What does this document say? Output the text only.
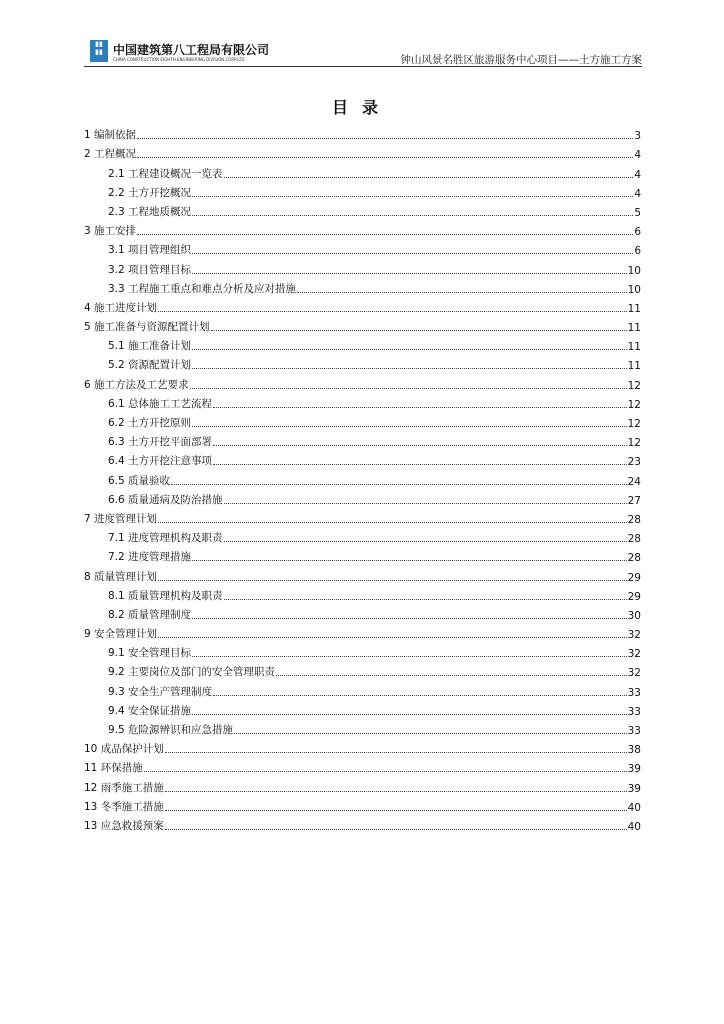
▮▮
▮▮ 中国建筑第八工程局有限公司
CHINA CONSTRUCTION EIGHTH ENGINEERING DIVISION.CORP.LTD	钟山风景名胜区旅游服务中心项目——土方施工方案
目录
1 编制依据	3
2 工程概况	4
2.1 工程建设概况一览表	4
2.2 土方开挖概况	4
2.3 工程地质概况	5
3 施工安排	6
3.1 项目管理组织	6
3.2 项目管理目标	10
3.3 工程施工重点和难点分析及应对措施	10
4 施工进度计划	11
5 施工准备与资源配置计划	11
5.1 施工准备计划	11
5.2 资源配置计划	11
6 施工方法及工艺要求	12
6.1 总体施工工艺流程	12
6.2 土方开挖原则	12
6.3 土方开挖平面部署	12
6.4 土方开挖注意事项	23
6.5 质量验收	24
6.6 质量通病及防治措施	27
7 进度管理计划	28
7.1 进度管理机构及职责	28
7.2 进度管理措施	28
8 质量管理计划	29
8.1 质量管理机构及职责	29
8.2 质量管理制度	30
9 安全管理计划	32
9.1 安全管理目标	32
9.2 主要岗位及部门的安全管理职责	32
9.3 安全生产管理制度	33
9.4 安全保证措施	33
9.5 危险源辨识和应急措施	33
10 成品保护计划	38
11 环保措施	39
12 雨季施工措施	39
13 冬季施工措施	40
13 应急救援预案	40
